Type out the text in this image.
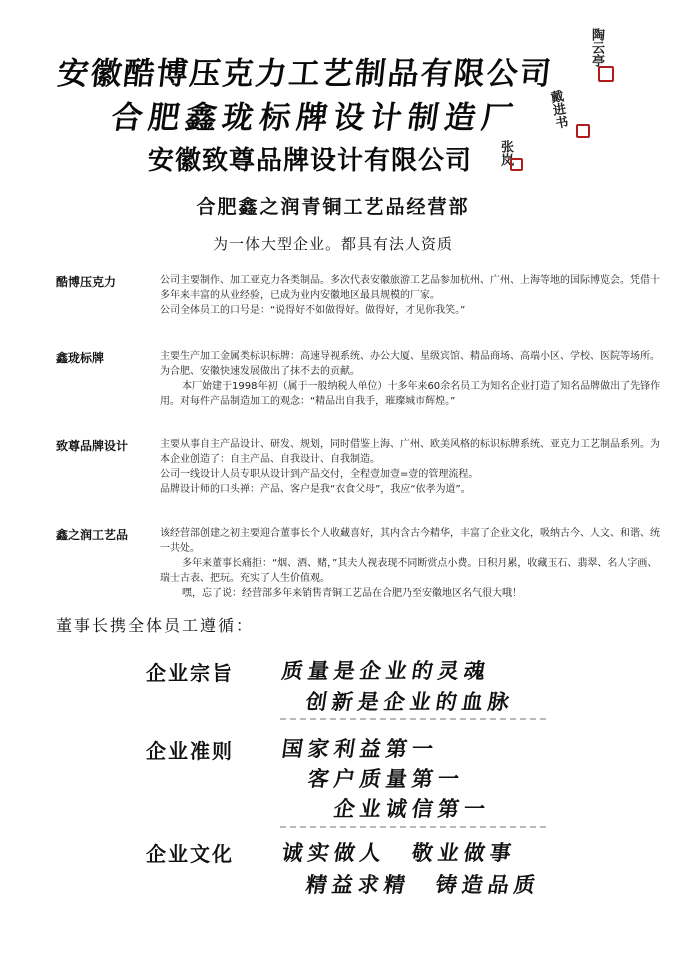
安徽酷博压克力工艺制品有限公司
合肥鑫珑标牌设计制造厂
安徽致尊品牌设计有限公司
合肥鑫之润青铜工艺品经营部
为一体大型企业。都具有法人资质
陶云亭
戴进书
张岚
酷博压克力	公司主要制作、加工亚克力各类制品。多次代表安徽旅游工艺品参加杭州、广州、上海等地的国际博览会。凭借十多年来丰富的从业经验，已成为业内安徽地区最具规模的厂家。

公司全体员工的口号是：“说得好不如做得好。做得好，才见你我笑。”

鑫珑标牌	主要生产加工金属类标识标牌：高速导视系统、办公大厦、星级宾馆、精品商场、高端小区、学校、医院等场所。为合肥、安徽快速发展做出了抹不去的贡献。

本厂始建于1998年初（属于一般纳税人单位）十多年来60余名员工为知名企业打造了知名品牌做出了先锋作用。对每件产品制造加工的观念：“精品出自我手，璀璨城市辉煌。”

致尊品牌设计	主要从事自主产品设计、研发、规划，同时借鉴上海、广州、欧美风格的标识标牌系统、亚克力工艺制品系列。为本企业创造了：自主产品、自我设计、自我制造。

公司一线设计人员专职从设计到产品交付，全程壹加壹=壹的管理流程。

品牌设计师的口头禅：产品、客户是我“衣食父母”，我应“依孝为道”。

鑫之润工艺品	该经营部创建之初主要迎合董事长个人收藏喜好，其内含古今精华，丰富了企业文化，吸纳古今、人文、和谐、统一共处。

多年来董事长痛拒：“烟、酒、赌，”其夫人视表现不同断赏点小费。日积月累，收藏玉石、翡翠、名人字画、瑞士古表、把玩。充实了人生价值观。

嘿，忘了说：经营部多年来销售青铜工艺品在合肥乃至安徽地区名气很大哦！

董事长携全体员工遵循：
企业宗旨 质量是企业的灵魂
创新是企业的血脉
企业准则 国家利益第一
客户质量第一
企业诚信第一
企业文化 诚实做人　敬业做事
精益求精　铸造品质
